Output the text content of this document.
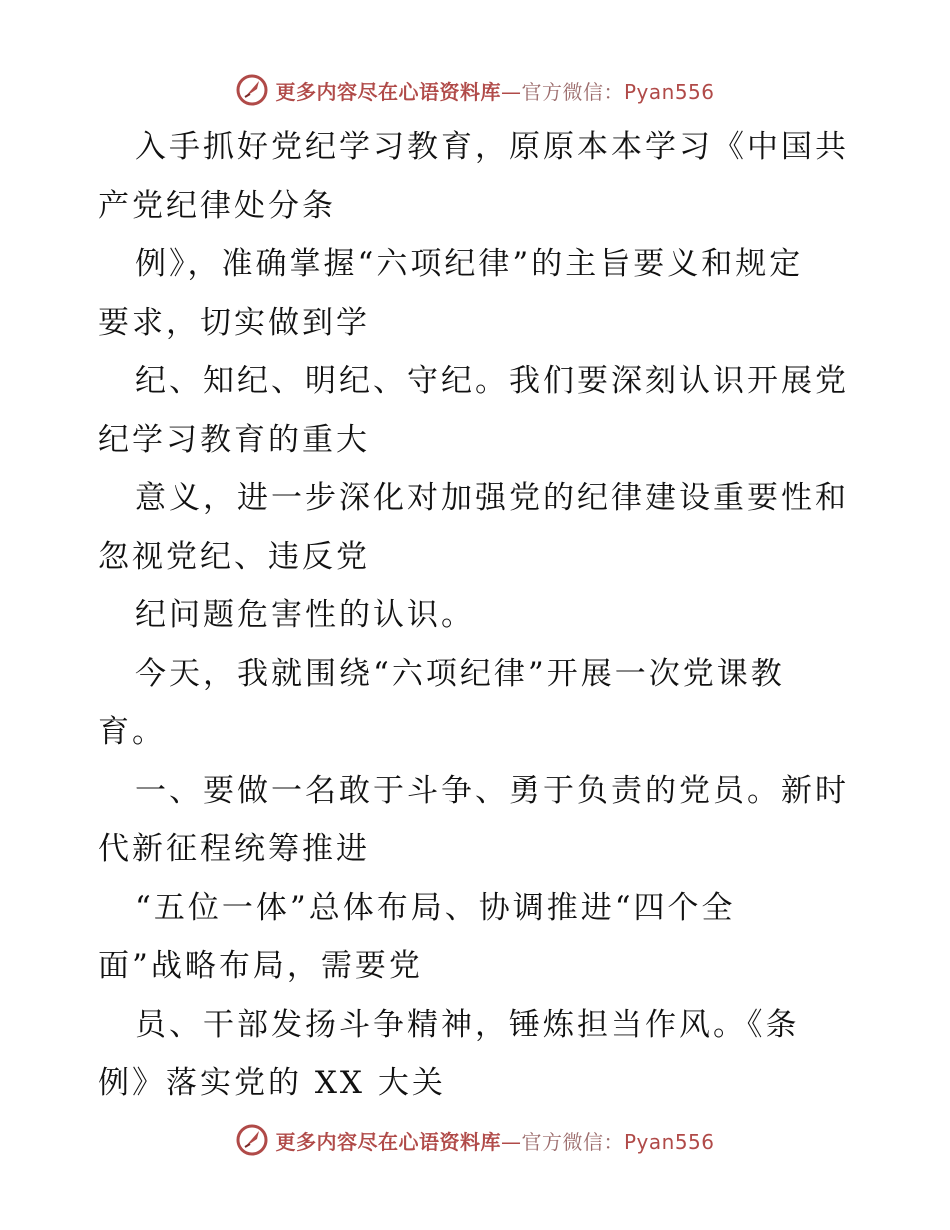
更多内容尽在心语资料库—官方微信：Pyan556
入手抓好党纪学习教育，原原本本学习《中国共
产党纪律处分条
例》，准确掌握“六项纪律”的主旨要义和规定
要求，切实做到学
纪、知纪、明纪、守纪。我们要深刻认识开展党
纪学习教育的重大
意义，进一步深化对加强党的纪律建设重要性和
忽视党纪、违反党
纪问题危害性的认识。
今天，我就围绕“六项纪律”开展一次党课教
育。
一、要做一名敢于斗争、勇于负责的党员。新时
代新征程统筹推进
“五位一体”总体布局、协调推进“四个全
面”战略布局，需要党
员、干部发扬斗争精神，锤炼担当作风。《条
例》落实党的 XX 大关
更多内容尽在心语资料库—官方微信：Pyan556
